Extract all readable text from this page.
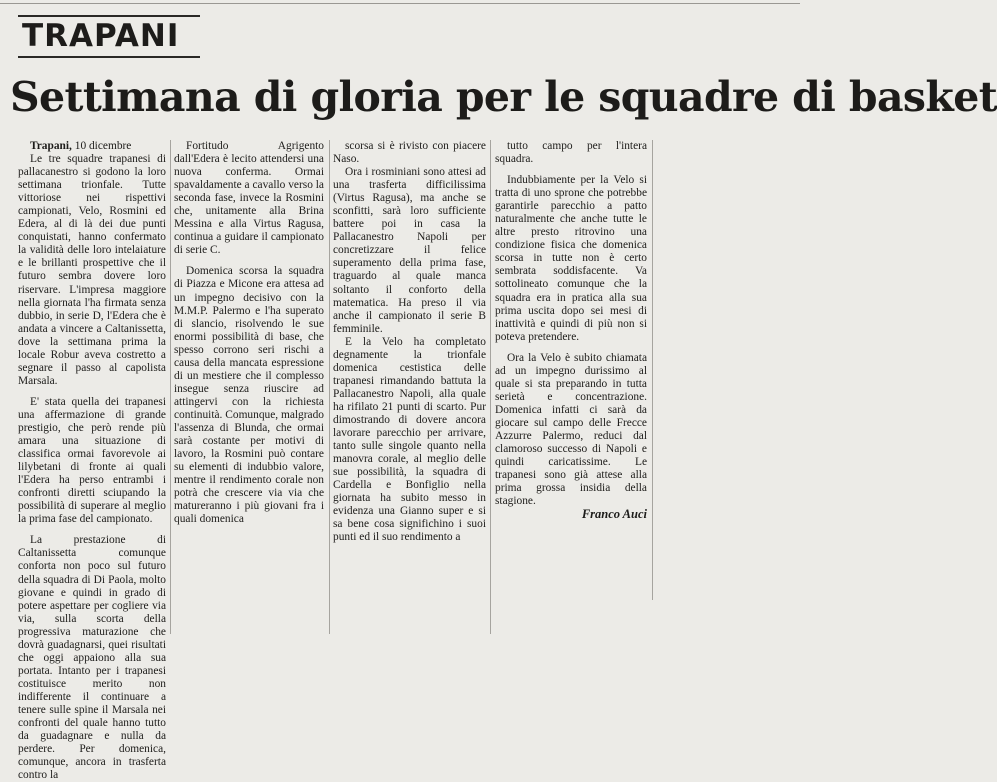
TRAPANI
Settimana di gloria per le squadre di basket

Trapani, 10 dicembre

Le tre squadre trapanesi di pallacanestro si godono la loro settimana trionfale. Tutte vittoriose nei rispettivi campionati, Velo, Rosmini ed Edera, al di là dei due punti conquistati, hanno confermato la validità delle loro intelaiature e le brillanti prospettive che il futuro sembra dovere loro riservare. L'impresa maggiore nella giornata l'ha firmata senza dubbio, in serie D, l'Edera che è andata a vincere a Caltanissetta, dove la settimana prima la locale Robur aveva costretto a segnare il passo al capolista Marsala.

E' stata quella dei trapanesi una affermazione di grande prestigio, che però rende più amara una situazione di classifica ormai favorevole ai lilybetani di fronte ai quali l'Edera ha perso entrambi i confronti diretti sciupando la possibilità di superare al meglio la prima fase del campionato.

La prestazione di Caltanissetta comunque conforta non poco sul futuro della squadra di Di Paola, molto giovane e quindi in grado di potere aspettare per cogliere via via, sulla scorta della progressiva maturazione che dovrà guadagnarsi, quei risultati che oggi appaiono alla sua portata. Intanto per i trapanesi costituisce merito non indifferente il continuare a tenere sulle spine il Marsala nei confronti del quale hanno tutto da guadagnare e nulla da perdere. Per domenica, comunque, ancora in trasferta contro la

Fortitudo Agrigento dall'Edera è lecito attendersi una nuova conferma. Ormai spavaldamente a cavallo verso la seconda fase, invece la Rosmini che, unitamente alla Brina Messina e alla Virtus Ragusa, continua a guidare il campionato di serie C.

Domenica scorsa la squadra di Piazza e Micone era attesa ad un impegno decisivo con la M.M.P. Palermo e l'ha superato di slancio, risolvendo le sue enormi possibilità di base, che spesso corrono seri rischi a causa della mancata espressione di un mestiere che il complesso insegue senza riuscire ad attingervi con la richiesta continuità. Comunque, malgrado l'assenza di Blunda, che ormai sarà costante per motivi di lavoro, la Rosmini può contare su elementi di indubbio valore, mentre il rendimento corale non potrà che crescere via via che matureranno i più giovani fra i quali domenica

scorsa si è rivisto con piacere Naso.

Ora i rosminiani sono attesi ad una trasferta difficilissima (Virtus Ragusa), ma anche se sconfitti, sarà loro sufficiente battere poi in casa la Pallacanestro Napoli per concretizzare il felice superamento della prima fase, traguardo al quale manca soltanto il conforto della matematica. Ha preso il via anche il campionato il serie B femminile.

E la Velo ha completato degnamente la trionfale domenica cestistica delle trapanesi rimandando battuta la Pallacanestro Napoli, alla quale ha rifilato 21 punti di scarto. Pur dimostrando di dovere ancora lavorare parecchio per arrivare, tanto sulle singole quanto nella manovra corale, al meglio delle sue possibilità, la squadra di Cardella e Bonfiglio nella giornata ha subito messo in evidenza una Gianno super e si sa bene cosa significhino i suoi punti ed il suo rendimento a

tutto campo per l'intera squadra.

Indubbiamente per la Velo si tratta di uno sprone che potrebbe garantirle parecchio a patto naturalmente che anche tutte le altre presto ritrovino una condizione fisica che domenica scorsa in tutte non è certo sembrata soddisfacente. Va sottolineato comunque che la squadra era in pratica alla sua prima uscita dopo sei mesi di inattività e quindi di più non si poteva pretendere.

Ora la Velo è subito chiamata ad un impegno durissimo al quale si sta preparando in tutta serietà e concentrazione. Domenica infatti ci sarà da giocare sul campo delle Frecce Azzurre Palermo, reduci dal clamoroso successo di Napoli e quindi caricatissime. Le trapanesi sono già attese alla prima grossa insidia della stagione.

Franco Auci
